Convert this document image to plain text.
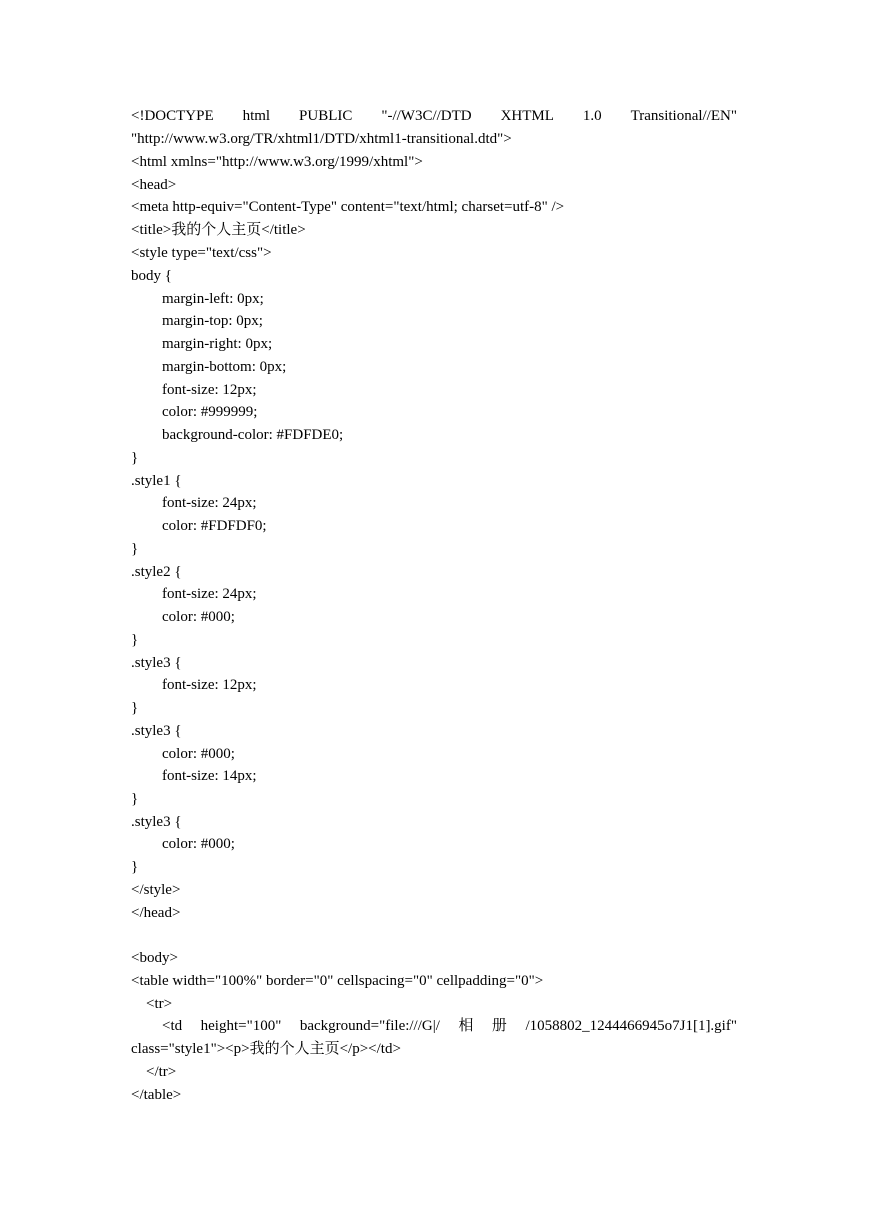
<!DOCTYPE html PUBLIC "-//W3C//DTD XHTML 1.0 Transitional//EN"
"http://www.w3.org/TR/xhtml1/DTD/xhtml1-transitional.dtd">
<html xmlns="http://www.w3.org/1999/xhtml">
<head>
<meta http-equiv="Content-Type" content="text/html; charset=utf-8" />
<title>我的个人主页</title>
<style type="text/css">
body {
margin-left: 0px;
margin-top: 0px;
margin-right: 0px;
margin-bottom: 0px;
font-size: 12px;
color: #999999;
background-color: #FDFDE0;
}
.style1 {
font-size: 24px;
color: #FDFDF0;
}
.style2 {
font-size: 24px;
color: #000;
}
.style3 {
font-size: 12px;
}
.style3 {
color: #000;
font-size: 14px;
}
.style3 {
color: #000;
}
</style>
</head>
<body>
<table width="100%" border="0" cellspacing="0" cellpadding="0">
<tr>
<td height="100" background="file:///G|/ 相 册 /1058802_1244466945o7J1[1].gif"
class="style1"><p>我的个人主页</p></td>
</tr>
</table>
